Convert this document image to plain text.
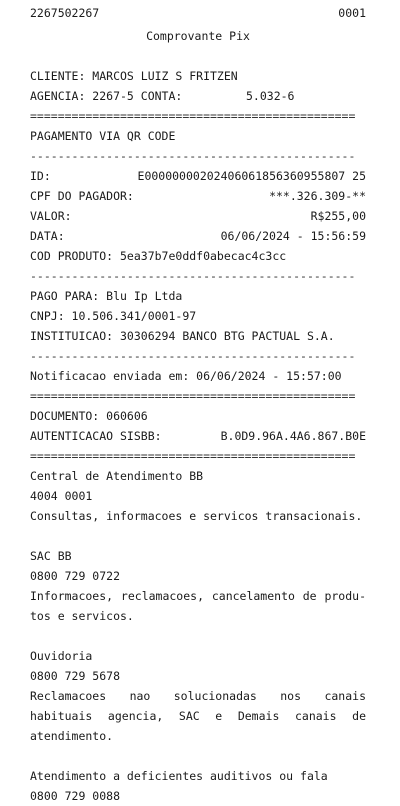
2267502267	0001
Comprovante Pix
CLIENTE: MARCOS LUIZ S FRITZEN
AGENCIA: 2267-5 CONTA:	5.032-6
===============================================
PAGAMENTO VIA QR CODE
-----------------------------------------------
ID:	E00000000202406061856360955807 25
CPF DO PAGADOR:	***.326.309-**
VALOR:	R$255,00
DATA:	06/06/2024 - 15:56:59
COD PRODUTO: 5ea37b7e0ddf0abecac4c3cc
-----------------------------------------------
PAGO PARA: Blu Ip Ltda
CNPJ: 10.506.341/0001-97
INSTITUICAO: 30306294 BANCO BTG PACTUAL S.A.
-----------------------------------------------
Notificacao enviada em: 06/06/2024 - 15:57:00
===============================================
DOCUMENTO: 060606
AUTENTICACAO SISBB:	B.0D9.96A.4A6.867.B0E
===============================================
Central de Atendimento BB
4004 0001
Consultas, informacoes e servicos transacionais.
SAC BB
0800 729 0722
Informacoes, reclamacoes, cancelamento de produ-
tos e servicos.
Ouvidoria
0800 729 5678
Reclamacoes nao solucionadas nos canais
habituais agencia, SAC e Demais canais de
atendimento.
Atendimento a deficientes auditivos ou fala
0800 729 0088
